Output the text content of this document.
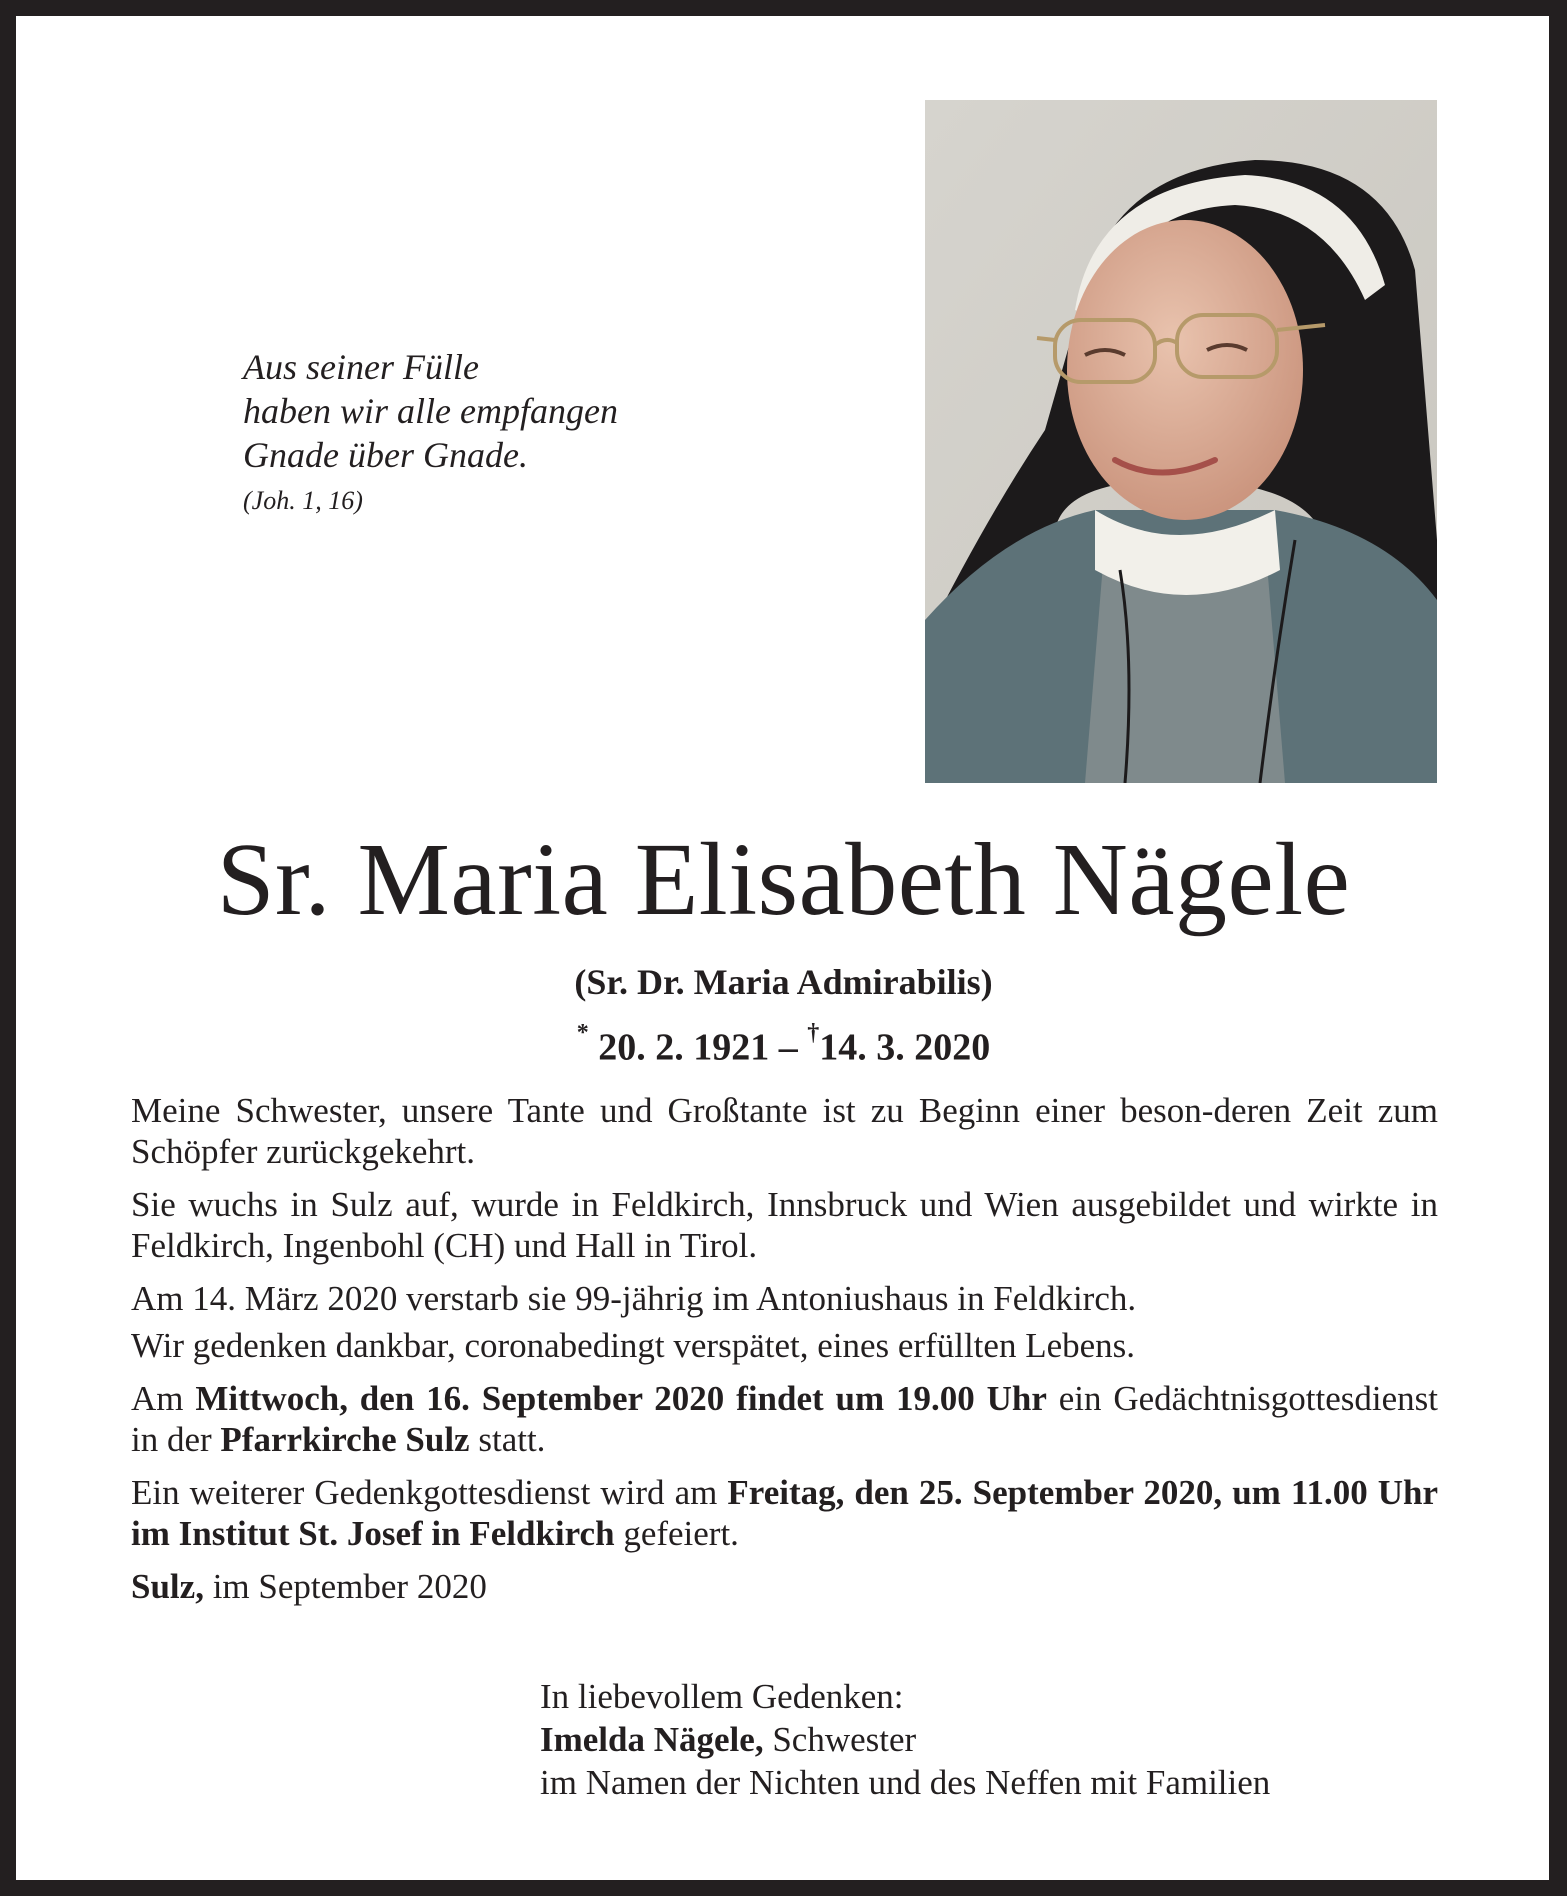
Aus seiner Fülle
haben wir alle empfangen
Gnade über Gnade.
(Joh. 1, 16)
Sr. Maria Elisabeth Nägele
(Sr. Dr. Maria Admirabilis)
* 20. 2. 1921 – †14. 3. 2020

Meine Schwester, unsere Tante und Großtante ist zu Beginn einer beson-deren Zeit zum Schöpfer zurückgekehrt.

Sie wuchs in Sulz auf, wurde in Feldkirch, Innsbruck und Wien ausgebildet und wirkte in Feldkirch, Ingenbohl (CH) und Hall in Tirol.

Am 14. März 2020 verstarb sie 99-jährig im Antoniushaus in Feldkirch.

Wir gedenken dankbar, coronabedingt verspätet, eines erfüllten Lebens.

Am Mittwoch, den 16. September 2020 findet um 19.00 Uhr ein Gedächtnisgottesdienst in der Pfarrkirche Sulz statt.

Ein weiterer Gedenkgottesdienst wird am Freitag, den 25. September 2020, um 11.00 Uhr im Institut St. Josef in Feldkirch gefeiert.

Sulz, im September 2020

In liebevollem Gedenken:
Imelda Nägele, Schwester
im Namen der Nichten und des Neffen mit Familien
